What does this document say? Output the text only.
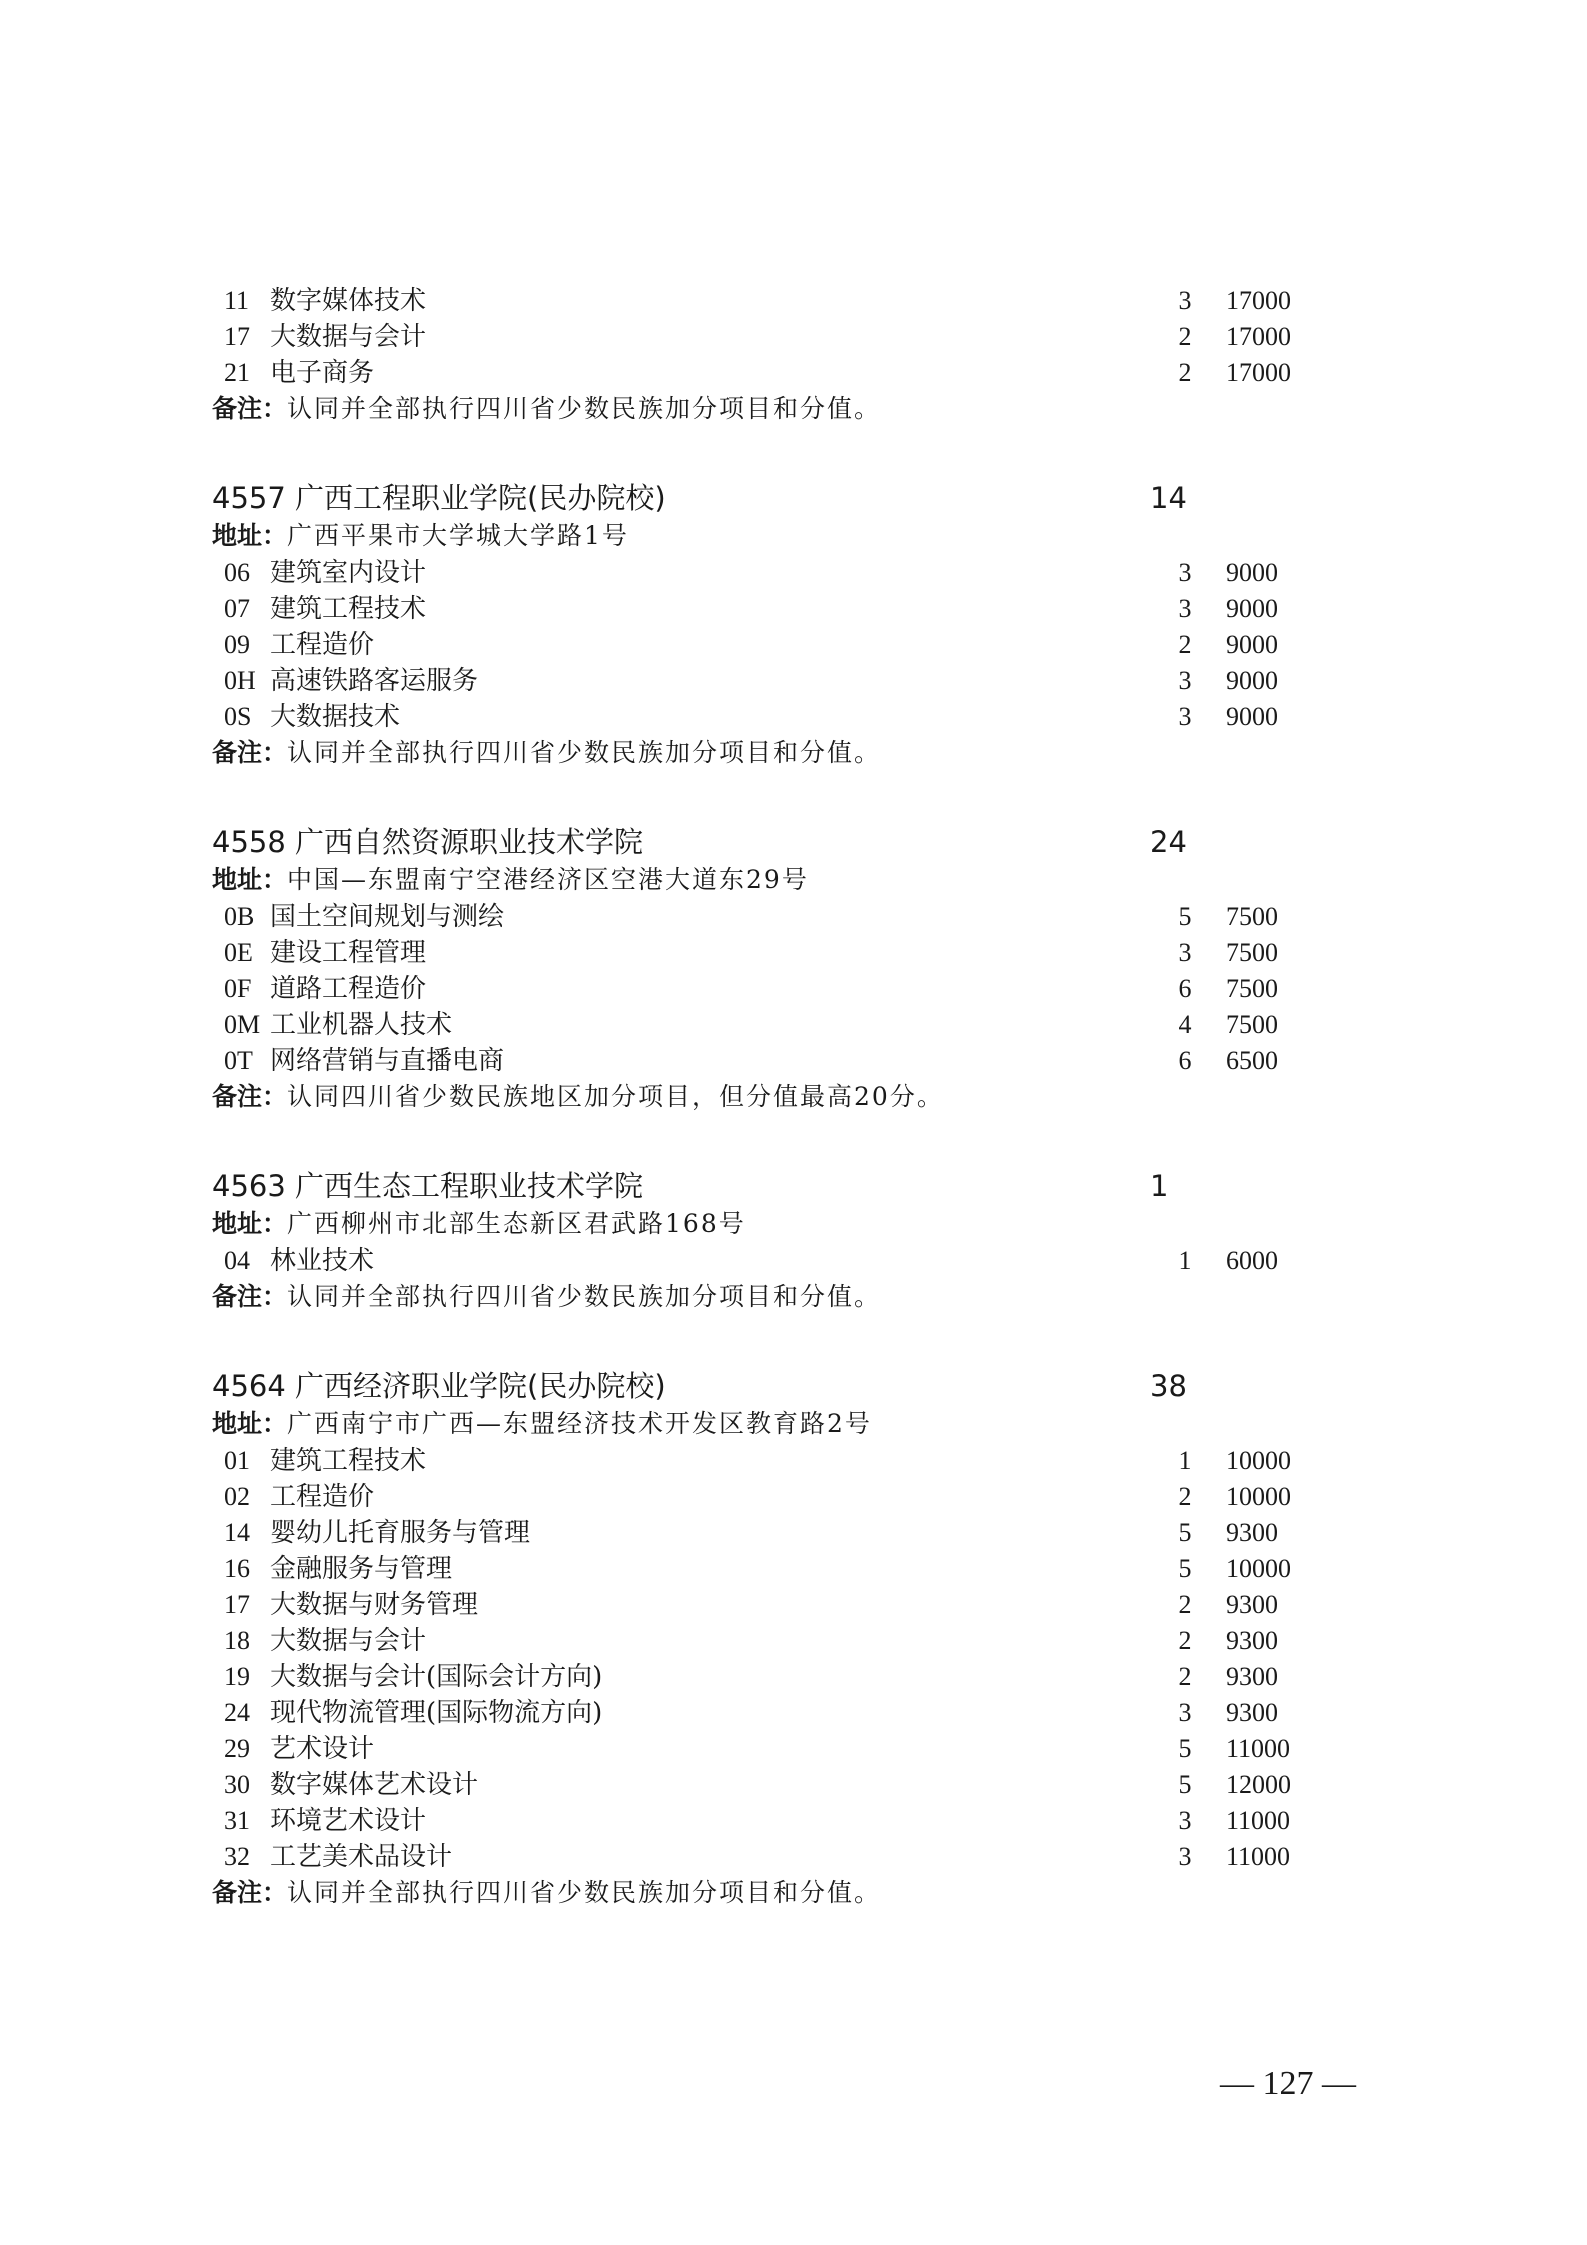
11 数字媒体技术	3	17000
17 大数据与会计	2	17000
21 电子商务	2	17000
备注：认同并全部执行四川省少数民族加分项目和分值。
4557 广西工程职业学院(民办院校)	14
地址：广西平果市大学城大学路1号
06 建筑室内设计	3	9000
07 建筑工程技术	3	9000
09 工程造价	2	9000
0H 高速铁路客运服务	3	9000
0S 大数据技术	3	9000
备注：认同并全部执行四川省少数民族加分项目和分值。
4558 广西自然资源职业技术学院	24
地址：中国—东盟南宁空港经济区空港大道东29号
0B 国土空间规划与测绘	5	7500
0E 建设工程管理	3	7500
0F 道路工程造价	6	7500
0M 工业机器人技术	4	7500
0T 网络营销与直播电商	6	6500
备注：认同四川省少数民族地区加分项目，但分值最高20分。
4563 广西生态工程职业技术学院	1
地址：广西柳州市北部生态新区君武路168号
04 林业技术	1	6000
备注：认同并全部执行四川省少数民族加分项目和分值。
4564 广西经济职业学院(民办院校)	38
地址：广西南宁市广西—东盟经济技术开发区教育路2号
01 建筑工程技术	1	10000
02 工程造价	2	10000
14 婴幼儿托育服务与管理	5	9300
16 金融服务与管理	5	10000
17 大数据与财务管理	2	9300
18 大数据与会计	2	9300
19 大数据与会计(国际会计方向)	2	9300
24 现代物流管理(国际物流方向)	3	9300
29 艺术设计	5	11000
30 数字媒体艺术设计	5	12000
31 环境艺术设计	3	11000
32 工艺美术品设计	3	11000
备注：认同并全部执行四川省少数民族加分项目和分值。
— 127 —
